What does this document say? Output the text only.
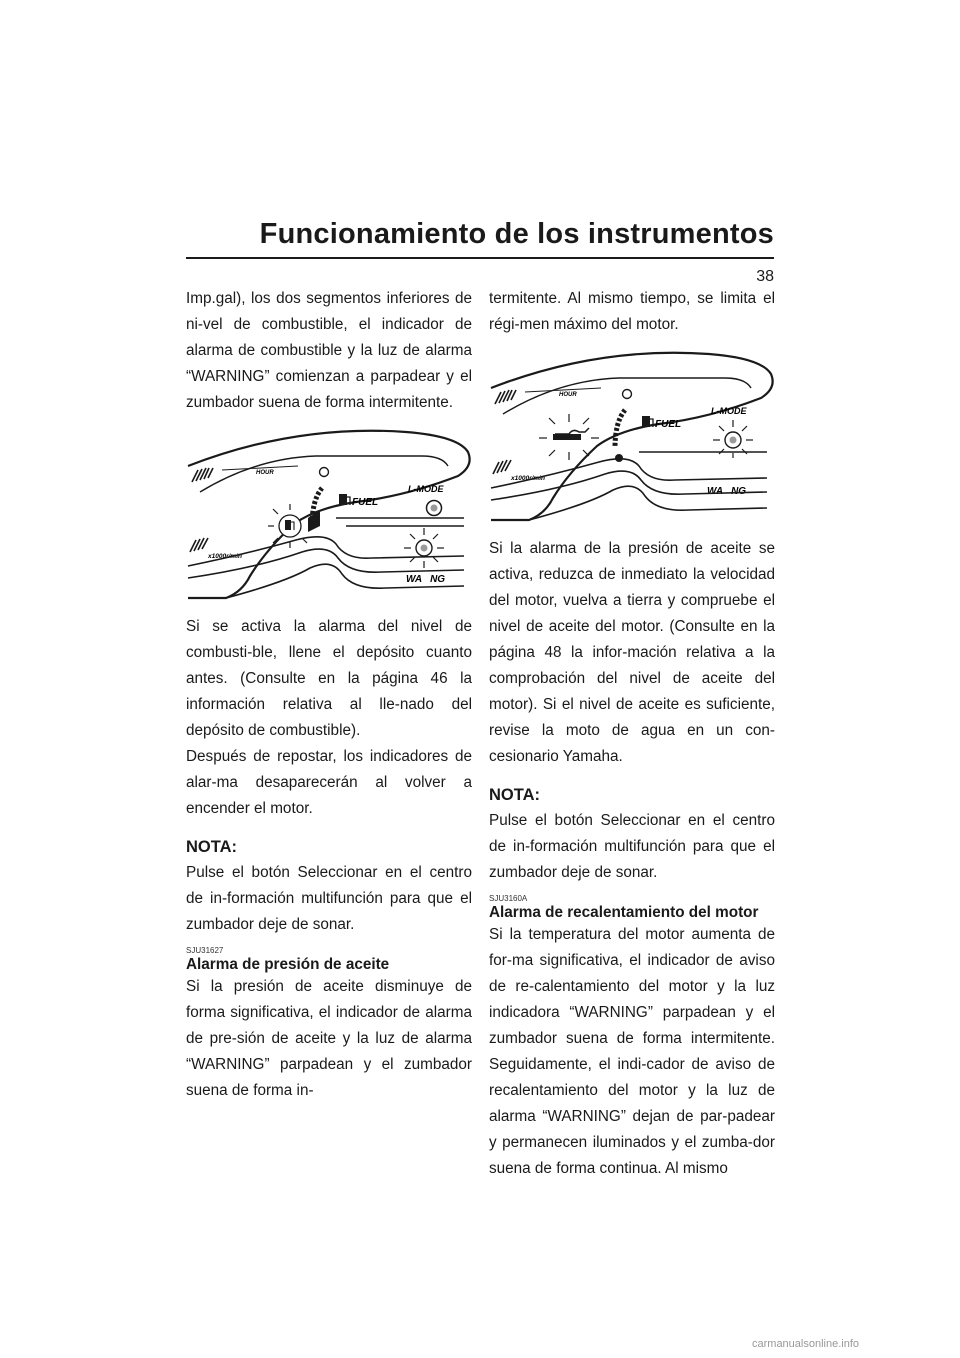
Funcionamiento de los instrumentos
38

Imp.gal), los dos segmentos inferiores de ni-vel de combustible, el indicador de alarma de combustible y la luz de alarma “WARNING” comienzan a parpadear y el zumbador suena de forma intermitente.

HOUR
FUEL
L-MODE
WA   NG
x1000r/min

Si se activa la alarma del nivel de combusti-ble, llene el depósito cuanto antes. (Consulte en la página 46 la información relativa al lle-nado del depósito de combustible).

Después de repostar, los indicadores de alar-ma desaparecerán al volver a encender el motor.

NOTA:

Pulse el botón Seleccionar en el centro de in-formación multifunción para que el zumbador deje de sonar.

SJU31627
Alarma de presión de aceite

Si la presión de aceite disminuye de forma significativa, el indicador de alarma de pre-sión de aceite y la luz de alarma “WARNING” parpadean y el zumbador suena de forma in-

termitente. Al mismo tiempo, se limita el régi-men máximo del motor.

HOUR
FUEL
L-MODE
WA   NG
x1000r/min

Si la alarma de la presión de aceite se activa, reduzca de inmediato la velocidad del motor, vuelva a tierra y compruebe el nivel de aceite del motor. (Consulte en la página 48 la infor-mación relativa a la comprobación del nivel de aceite del motor). Si el nivel de aceite es suficiente, revise la moto de agua en un con-cesionario Yamaha.

NOTA:

Pulse el botón Seleccionar en el centro de in-formación multifunción para que el zumbador deje de sonar.

SJU3160A
Alarma de recalentamiento del motor

Si la temperatura del motor aumenta de for-ma significativa, el indicador de aviso de re-calentamiento del motor y la luz indicadora “WARNING” parpadean y el zumbador suena de forma intermitente. Seguidamente, el indi-cador de aviso de recalentamiento del motor y la luz de alarma “WARNING” dejan de par-padear y permanecen iluminados y el zumba-dor suena de forma continua. Al mismo

carmanualsonline.info
